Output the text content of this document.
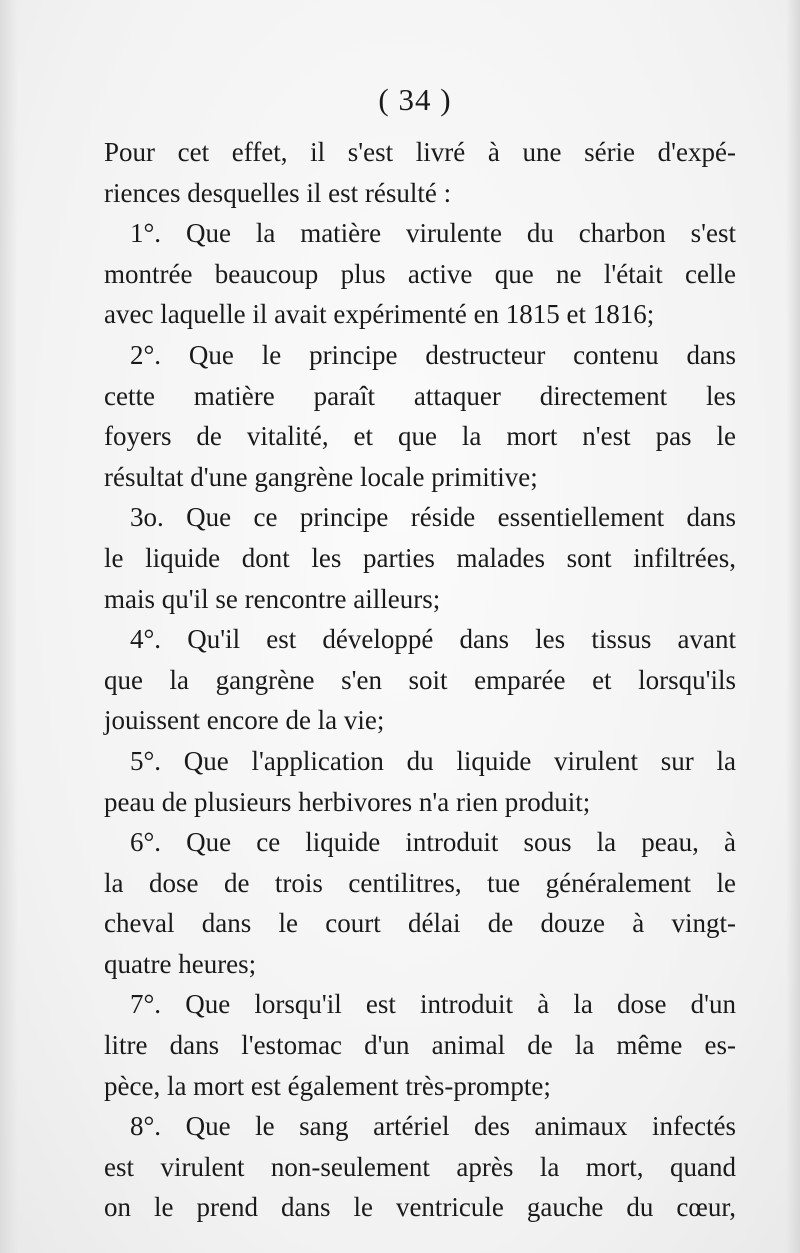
( 34 )
Pour cet effet, il s'est livré à une série d'expé-
riences desquelles il est résulté :
1°. Que la matière virulente du charbon s'est
montrée beaucoup plus active que ne l'était celle
avec laquelle il avait expérimenté en 1815 et 1816;
2°. Que le principe destructeur contenu dans
cette matière paraît attaquer directement les
foyers de vitalité, et que la mort n'est pas le
résultat d'une gangrène locale primitive;
3o. Que ce principe réside essentiellement dans
le liquide dont les parties malades sont infiltrées,
mais qu'il se rencontre ailleurs;
4°. Qu'il est développé dans les tissus avant
que la gangrène s'en soit emparée et lorsqu'ils
jouissent encore de la vie;
5°. Que l'application du liquide virulent sur la
peau de plusieurs herbivores n'a rien produit;
6°. Que ce liquide introduit sous la peau, à
la dose de trois centilitres, tue généralement le
cheval dans le court délai de douze à vingt-
quatre heures;
7°. Que lorsqu'il est introduit à la dose d'un
litre dans l'estomac d'un animal de la même es-
pèce, la mort est également très-prompte;
8°. Que le sang artériel des animaux infectés
est virulent non-seulement après la mort, quand
on le prend dans le ventricule gauche du cœur,
